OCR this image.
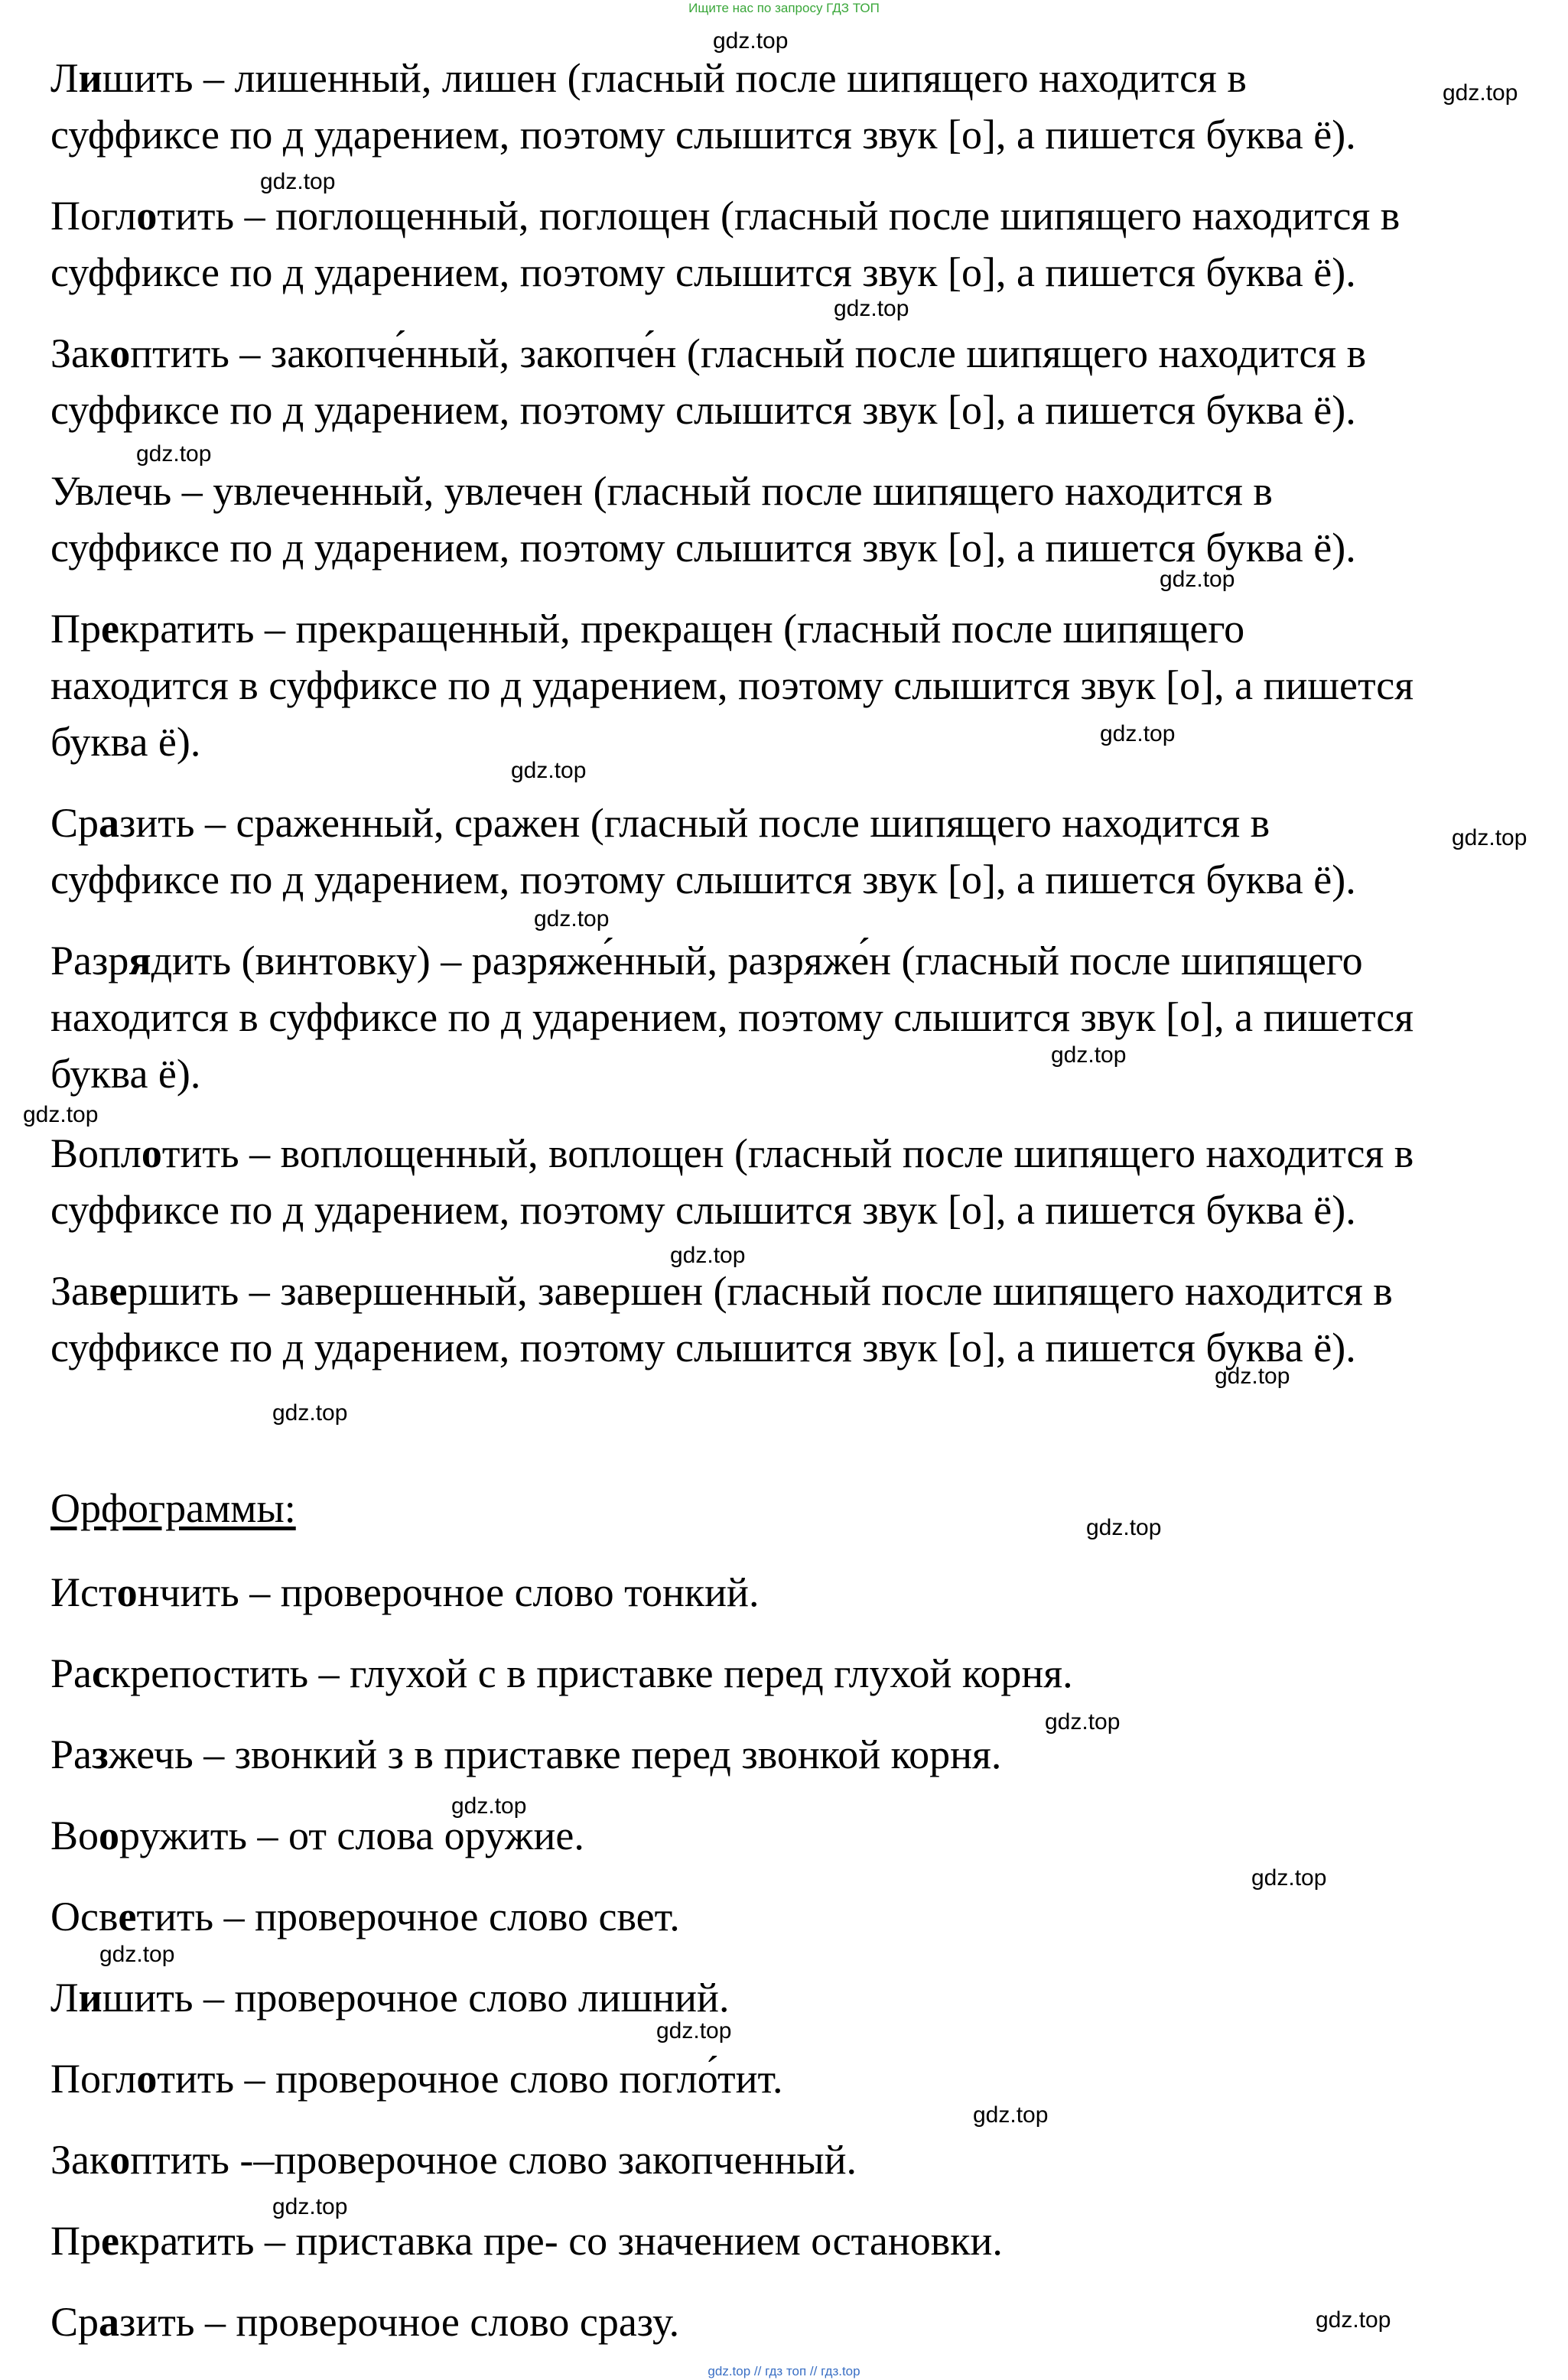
Ищите нас по запросу ГДЗ ТОП
Лишить – лишенный, лишен (гласный после шипящего находится в
суффиксе по д ударением, поэтому слышится звук [о], а пишется буква ё).
Поглотить – поглощенный, поглощен (гласный после шипящего находится в
суффиксе по д ударением, поэтому слышится звук [о], а пишется буква ё).
Закоптить – закопче́нный, закопче́н (гласный после шипящего находится в
суффиксе по д ударением, поэтому слышится звук [о], а пишется буква ё).
Увлечь – увлеченный, увлечен (гласный после шипящего находится в
суффиксе по д ударением, поэтому слышится звук [о], а пишется буква ё).
Прекратить – прекращенный, прекращен (гласный после шипящего
находится в суффиксе по д ударением, поэтому слышится звук [о], а пишется
буква ё).
Сразить – сраженный, сражен (гласный после шипящего находится в
суффиксе по д ударением, поэтому слышится звук [о], а пишется буква ё).
Разрядить (винтовку) – разряже́нный, разряже́н (гласный после шипящего
находится в суффиксе по д ударением, поэтому слышится звук [о], а пишется
буква ё).
Воплотить – воплощенный, воплощен (гласный после шипящего находится в
суффиксе по д ударением, поэтому слышится звук [о], а пишется буква ё).
Завершить – завершенный, завершен (гласный после шипящего находится в
суффиксе по д ударением, поэтому слышится звук [о], а пишется буква ё).
Орфограммы:
Истончить – проверочное слово тонкий.
Раскрепостить – глухой с в приставке перед глухой корня.
Разжечь – звонкий з в приставке перед звонкой корня.
Вооружить – от слова оружие.
Осветить – проверочное слово свет.
Лишить – проверочное слово лишний.
Поглотить – проверочное слово погло́тит.
Закоптить -–проверочное слово закопченный.
Прекратить – приставка пре- со значением остановки.
Сразить – проверочное слово сразу.
gdz.top
gdz.top
gdz.top
gdz.top
gdz.top
gdz.top
gdz.top
gdz.top
gdz.top
gdz.top
gdz.top
gdz.top
gdz.top
gdz.top
gdz.top
gdz.top
gdz.top
gdz.top
gdz.top
gdz.top
gdz.top
gdz.top
gdz.top
gdz.top
gdz.top // гдз топ // гдз.top
